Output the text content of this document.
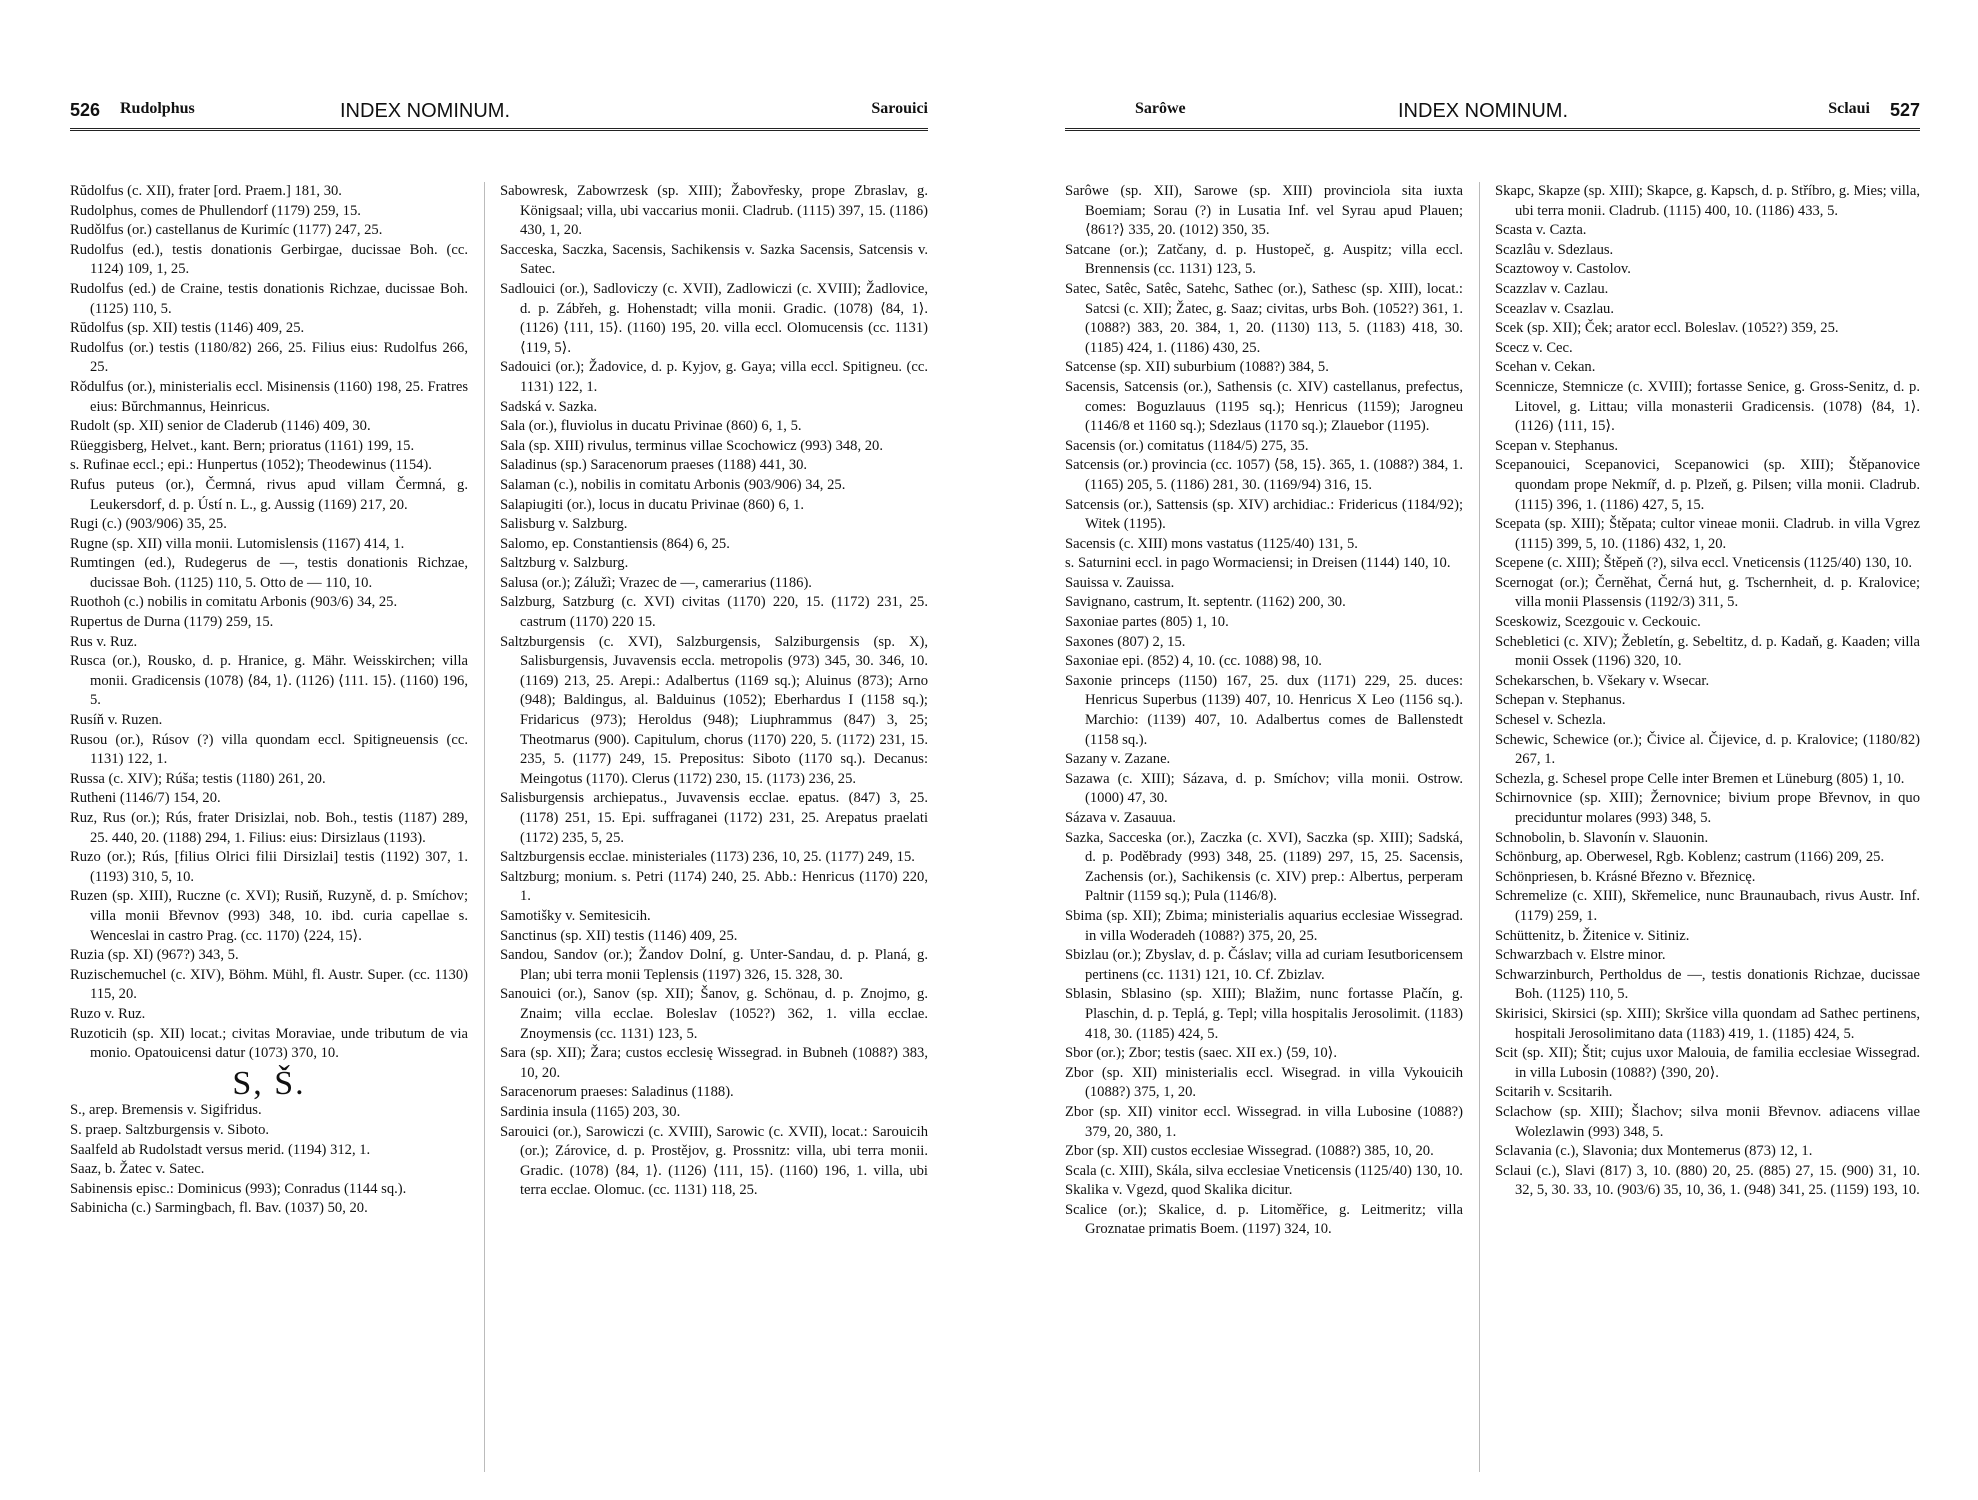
526 Rudolphus	INDEX NOMINUM.	Sarouici

Rŭdolfus (c. XII), frater [ord. Praem.] 181, 30.

Rudolphus, comes de Phullendorf (1179) 259, 15.

Rudǒlfus (or.) castellanus de Kurimíc (1177) 247, 25.

Rudolfus (ed.), testis donationis Gerbirgae, ducissae Boh. (cc. 1124) 109, 1, 25.

Rudolfus (ed.) de Craine, testis donationis Richzae, ducissae Boh. (1125) 110, 5.

Rŭdolfus (sp. XII) testis (1146) 409, 25.

Rudolfus (or.) testis (1180/82) 266, 25. Filius eius: Rudolfus 266, 25.

Rǒdulfus (or.), ministerialis eccl. Misinensis (1160) 198, 25. Fratres eius: Bŭrchmannus, Heinricus.

Rudolt (sp. XII) senior de Claderub (1146) 409, 30.

Rüeggisberg, Helvet., kant. Bern; prioratus (1161) 199, 15.

s. Rufinae eccl.; epi.: Hunpertus (1052); Theodewinus (1154).

Rufus puteus (or.), Čermná, rivus apud villam Čermná, g. Leukersdorf, d. p. Ústí n. L., g. Aussig (1169) 217, 20.

Rugi (c.) (903/906) 35, 25.

Rugne (sp. XII) villa monii. Lutomislensis (1167) 414, 1.

Rumtingen (ed.), Rudegerus de —, testis donationis Richzae, ducissae Boh. (1125) 110, 5. Otto de — 110, 10.

Ruothoh (c.) nobilis in comitatu Arbonis (903/6) 34, 25.

Rupertus de Durna (1179) 259, 15.

Rus v. Ruz.

Rusca (or.), Rousko, d. p. Hranice, g. Mähr. Weisskirchen; villa monii. Gradicensis (1078) ⟨84, 1⟩. (1126) ⟨111. 15⟩. (1160) 196, 5.

Rusíň v. Ruzen.

Rusou (or.), Rúsov (?) villa quondam eccl. Spitigneuensis (cc. 1131) 122, 1.

Russa (c. XIV); Rúša; testis (1180) 261, 20.

Rutheni (1146/7) 154, 20.

Ruz, Rus (or.); Rús, frater Drisizlai, nob. Boh., testis (1187) 289, 25. 440, 20. (1188) 294, 1. Filius: eius: Dirsizlaus (1193).

Ruzo (or.); Rús, [filius Olrici filii Dirsizlai] testis (1192) 307, 1. (1193) 310, 5, 10.

Ruzen (sp. XIII), Ruczne (c. XVI); Rusiň, Ruzyně, d. p. Smíchov; villa monii Břevnov (993) 348, 10. ibd. curia capellae s. Wenceslai in castro Prag. (cc. 1170) ⟨224, 15⟩.

Ruzia (sp. XI) (967?) 343, 5.

Ruzischemuchel (c. XIV), Böhm. Mühl, fl. Austr. Super. (cc. 1130) 115, 20.

Ruzo v. Ruz.

Ruzoticih (sp. XII) locat.; civitas Moraviae, unde tributum de via monio. Opatouicensi datur (1073) 370, 10.

S, Š.

S., arep. Bremensis v. Sigifridus.

S. praep. Saltzburgensis v. Siboto.

Saalfeld ab Rudolstadt versus merid. (1194) 312, 1.

Saaz, b. Žatec v. Satec.

Sabinensis episc.: Dominicus (993); Conradus (1144 sq.).

Sabinicha (c.) Sarmingbach, fl. Bav. (1037) 50, 20.

Sabowresk, Zabowrzesk (sp. XIII); Žabovřesky, prope Zbraslav, g. Königsaal; villa, ubi vaccarius monii. Cladrub. (1115) 397, 15. (1186) 430, 1, 20.

Sacceska, Saczka, Sacensis, Sachikensis v. Sazka Sacensis, Satcensis v. Satec.

Sadlouici (or.), Sadloviczy (c. XVII), Zadlowiczi (c. XVIII); Žadlovice, d. p. Zábřeh, g. Hohenstadt; villa monii. Gradic. (1078) ⟨84, 1⟩. (1126) ⟨111, 15⟩. (1160) 195, 20. villa eccl. Olomucensis (cc. 1131) ⟨119, 5⟩.

Sadouici (or.); Žadovice, d. p. Kyjov, g. Gaya; villa eccl. Spitigneu. (cc. 1131) 122, 1.

Sadská v. Sazka.

Sala (or.), fluviolus in ducatu Privinae (860) 6, 1, 5.

Sala (sp. XIII) rivulus, terminus villae Scochowicz (993) 348, 20.

Saladinus (sp.) Saracenorum praeses (1188) 441, 30.

Salaman (c.), nobilis in comitatu Arbonis (903/906) 34, 25.

Salapiugiti (or.), locus in ducatu Privinae (860) 6, 1.

Salisburg v. Salzburg.

Salomo, ep. Constantiensis (864) 6, 25.

Saltzburg v. Salzburg.

Salusa (or.); Zálužì; Vrazec de —, camerarius (1186).

Salzburg, Satzburg (c. XVI) civitas (1170) 220, 15. (1172) 231, 25. castrum (1170) 220 15.

Saltzburgensis (c. XVI), Salzburgensis, Salziburgensis (sp. X), Salisburgensis, Juvavensis eccla. metropolis (973) 345, 30. 346, 10. (1169) 213, 25. Arepi.: Adalbertus (1169 sq.); Aluinus (873); Arno (948); Baldingus, al. Balduinus (1052); Eberhardus I (1158 sq.); Fridaricus (973); Heroldus (948); Liuphrammus (847) 3, 25; Theotmarus (900). Capitulum, chorus (1170) 220, 5. (1172) 231, 15. 235, 5. (1177) 249, 15. Prepositus: Siboto (1170 sq.). Decanus: Meingotus (1170). Clerus (1172) 230, 15. (1173) 236, 25.

Salisburgensis archiepatus., Juvavensis ecclae. epatus. (847) 3, 25. (1178) 251, 15. Epi. suffraganei (1172) 231, 25. Arepatus praelati (1172) 235, 5, 25.

Saltzburgensis ecclae. ministeriales (1173) 236, 10, 25. (1177) 249, 15.

Saltzburg; monium. s. Petri (1174) 240, 25. Abb.: Henricus (1170) 220, 1.

Samotišky v. Semitesicih.

Sanctinus (sp. XII) testis (1146) 409, 25.

Sandou, Sandov (or.); Žandov Dolní, g. Unter-Sandau, d. p. Planá, g. Plan; ubi terra monii Teplensis (1197) 326, 15. 328, 30.

Sanouici (or.), Sanov (sp. XII); Šanov, g. Schönau, d. p. Znojmo, g. Znaim; villa ecclae. Boleslav (1052?) 362, 1. villa ecclae. Znoymensis (cc. 1131) 123, 5.

Sara (sp. XII); Žara; custos ecclesię Wissegrad. in Bubneh (1088?) 383, 10, 20.

Saracenorum praeses: Saladinus (1188).

Sardinia insula (1165) 203, 30.

Sarouici (or.), Sarowiczi (c. XVIII), Sarowic (c. XVII), locat.: Sarouicih (or.); Zárovice, d. p. Prostějov, g. Prossnitz: villa, ubi terra monii. Gradic. (1078) ⟨84, 1⟩. (1126) ⟨111, 15⟩. (1160) 196, 1. villa, ubi terra ecclae. Olomuc. (cc. 1131) 118, 25.

Sarôwe	INDEX NOMINUM.	Sclaui 527

Sarôwe (sp. XII), Sarowe (sp. XIII) provinciola sita iuxta Boemiam; Sorau (?) in Lusatia Inf. vel Syrau apud Plauen; ⟨861?⟩ 335, 20. (1012) 350, 35.

Satcane (or.); Zatčany, d. p. Hustopeč, g. Auspitz; villa eccl. Brennensis (cc. 1131) 123, 5.

Satec, Satêc, Satêc, Satehc, Sathec (or.), Sathesc (sp. XIII), locat.: Satcsi (c. XII); Žatec, g. Saaz; civitas, urbs Boh. (1052?) 361, 1. (1088?) 383, 20. 384, 1, 20. (1130) 113, 5. (1183) 418, 30. (1185) 424, 1. (1186) 430, 25.

Satcense (sp. XII) suburbium (1088?) 384, 5.

Sacensis, Satcensis (or.), Sathensis (c. XIV) castellanus, prefectus, comes: Boguzlauus (1195 sq.); Henricus (1159); Jarogneu (1146/8 et 1160 sq.); Sdezlaus (1170 sq.); Zlauebor (1195).

Sacensis (or.) comitatus (1184/5) 275, 35.

Satcensis (or.) provincia (cc. 1057) ⟨58, 15⟩. 365, 1. (1088?) 384, 1. (1165) 205, 5. (1186) 281, 30. (1169/94) 316, 15.

Satcensis (or.), Sattensis (sp. XIV) archidiac.: Fridericus (1184/92); Witek (1195).

Sacensis (c. XIII) mons vastatus (1125/40) 131, 5.

s. Saturnini eccl. in pago Wormaciensi; in Dreisen (1144) 140, 10.

Sauissa v. Zauissa.

Savignano, castrum, It. septentr. (1162) 200, 30.

Saxoniae partes (805) 1, 10.

Saxones (807) 2, 15.

Saxoniae epi. (852) 4, 10. (cc. 1088) 98, 10.

Saxonie princeps (1150) 167, 25. dux (1171) 229, 25. duces: Henricus Superbus (1139) 407, 10. Henricus X Leo (1156 sq.). Marchio: (1139) 407, 10. Adalbertus comes de Ballenstedt (1158 sq.).

Sazany v. Zazane.

Sazawa (c. XIII); Sázava, d. p. Smíchov; villa monii. Ostrow. (1000) 47, 30.

Sázava v. Zasauua.

Sazka, Sacceska (or.), Zaczka (c. XVI), Saczka (sp. XIII); Sadská, d. p. Poděbrady (993) 348, 25. (1189) 297, 15, 25. Sacensis, Zachensis (or.), Sachikensis (c. XIV) prep.: Albertus, perperam Paltnir (1159 sq.); Pula (1146/8).

Sbima (sp. XII); Zbima; ministerialis aquarius ecclesiae Wissegrad. in villa Woderadeh (1088?) 375, 20, 25.

Sbizlau (or.); Zbyslav, d. p. Čáslav; villa ad curiam Iesutboricensem pertinens (cc. 1131) 121, 10. Cf. Zbizlav.

Sblasin, Sblasino (sp. XIII); Blažim, nunc fortasse Plačín, g. Plaschin, d. p. Teplá, g. Tepl; villa hospitalis Jerosolimit. (1183) 418, 30. (1185) 424, 5.

Sbor (or.); Zbor; testis (saec. XII ex.) ⟨59, 10⟩.

Zbor (sp. XII) ministerialis eccl. Wisegrad. in villa Vykouicih (1088?) 375, 1, 20.

Zbor (sp. XII) vinitor eccl. Wissegrad. in villa Lubosine (1088?) 379, 20, 380, 1.

Zbor (sp. XII) custos ecclesiae Wissegrad. (1088?) 385, 10, 20.

Scala (c. XIII), Skála, silva ecclesiae Vneticensis (1125/40) 130, 10.

Skalika v. Vgezd, quod Skalika dicitur.

Scalice (or.); Skalice, d. p. Litoměřice, g. Leitmeritz; villa Groznatae primatis Boem. (1197) 324, 10.

Skapc, Skapze (sp. XIII); Skapce, g. Kapsch, d. p. Stříbro, g. Mies; villa, ubi terra monii. Cladrub. (1115) 400, 10. (1186) 433, 5.

Scasta v. Cazta.

Scazlâu v. Sdezlaus.

Scaztowoy v. Castolov.

Scazzlav v. Cazlau.

Sceazlav v. Csazlau.

Scek (sp. XII); Ček; arator eccl. Boleslav. (1052?) 359, 25.

Scecz v. Cec.

Scehan v. Cekan.

Scennicze, Stemnicze (c. XVIII); fortasse Senice, g. Gross-Senitz, d. p. Litovel, g. Littau; villa monasterii Gradicensis. (1078) ⟨84, 1⟩. (1126) ⟨111, 15⟩.

Scepan v. Stephanus.

Scepanouici, Scepanovici, Scepanowici (sp. XIII); Štěpanovice quondam prope Nekmíř, d. p. Plzeň, g. Pilsen; villa monii. Cladrub. (1115) 396, 1. (1186) 427, 5, 15.

Scepata (sp. XIII); Štěpata; cultor vineae monii. Cladrub. in villa Vgrez (1115) 399, 5, 10. (1186) 432, 1, 20.

Scepene (c. XIII); Štěpeň (?), silva eccl. Vneticensis (1125/40) 130, 10.

Scernogat (or.); Černěhat, Černá hut, g. Tschernheit, d. p. Kralovice; villa monii Plassensis (1192/3) 311, 5.

Sceskowiz, Scezgouic v. Ceckouic.

Schebletici (c. XIV); Žebletín, g. Sebeltitz, d. p. Kadaň, g. Kaaden; villa monii Ossek (1196) 320, 10.

Schekarschen, b. Všekary v. Wsecar.

Schepan v. Stephanus.

Schesel v. Schezla.

Schewic, Schewice (or.); Čivice al. Čijevice, d. p. Kralovice; (1180/82) 267, 1.

Schezla, g. Schesel prope Celle inter Bremen et Lüneburg (805) 1, 10.

Schirnovnice (sp. XIII); Žernovnice; bivium prope Břevnov, in quo preciduntur molares (993) 348, 5.

Schnobolin, b. Slavonín v. Slauonin.

Schönburg, ap. Oberwesel, Rgb. Koblenz; castrum (1166) 209, 25.

Schönpriesen, b. Krásné Březno v. Březnicę.

Schremelize (c. XIII), Skřemelice, nunc Braunaubach, rivus Austr. Inf. (1179) 259, 1.

Schüttenitz, b. Žitenice v. Sitiniz.

Schwarzbach v. Elstre minor.

Schwarzinburch, Pertholdus de —, testis donationis Richzae, ducissae Boh. (1125) 110, 5.

Skirisici, Skirsici (sp. XIII); Skršice villa quondam ad Sathec pertinens, hospitali Jerosolimitano data (1183) 419, 1. (1185) 424, 5.

Scit (sp. XII); Štit; cujus uxor Malouia, de familia ecclesiae Wissegrad. in villa Lubosin (1088?) ⟨390, 20⟩.

Scitarih v. Scsitarih.

Sclachow (sp. XIII); Šlachov; silva monii Břevnov. adiacens villae Wolezlawin (993) 348, 5.

Sclavania (c.), Slavonia; dux Montemerus (873) 12, 1.

Sclaui (c.), Slavi (817) 3, 10. (880) 20, 25. (885) 27, 15. (900) 31, 10. 32, 5, 30. 33, 10. (903/6) 35, 10, 36, 1. (948) 341, 25. (1159) 193, 10.
